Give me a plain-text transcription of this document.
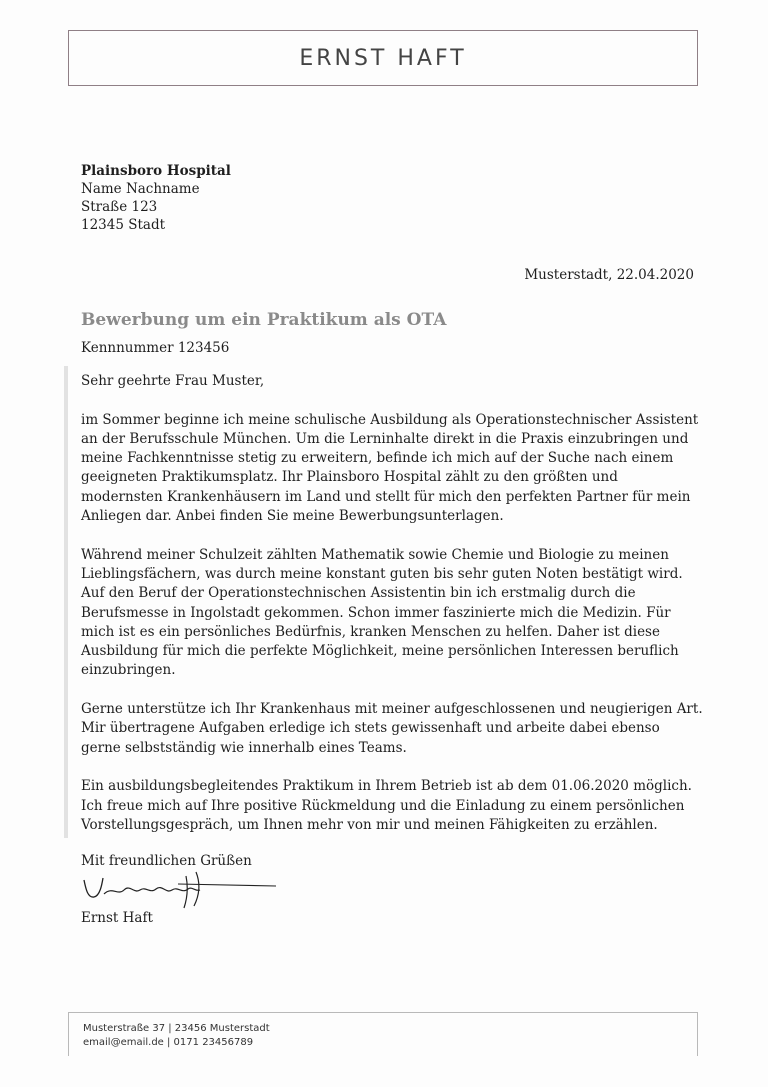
ERNST HAFT
Plainsboro Hospital
Name Nachname
Straße 123
12345 Stadt
Musterstadt, 22.04.2020
Bewerbung um ein Praktikum als OTA
Kennnummer 123456

Sehr geehrte Frau Muster,

im Sommer beginne ich meine schulische Ausbildung als Operationstechnischer Assistent an der Berufsschule München. Um die Lerninhalte direkt in die Praxis einzubringen und meine Fachkenntnisse stetig zu erweitern, befinde ich mich auf der Suche nach einem geeigneten Praktikumsplatz. Ihr Plainsboro Hospital zählt zu den größten und modernsten Krankenhäusern im Land und stellt für mich den perfekten Partner für mein Anliegen dar. Anbei finden Sie meine Bewerbungsunterlagen.

Während meiner Schulzeit zählten Mathematik sowie Chemie und Biologie zu meinen Lieblingsfächern, was durch meine konstant guten bis sehr guten Noten bestätigt wird. Auf den Beruf der Operationstechnischen Assistentin bin ich erstmalig durch die Berufsmesse in Ingolstadt gekommen. Schon immer faszinierte mich die Medizin. Für mich ist es ein persönliches Bedürfnis, kranken Menschen zu helfen. Daher ist diese Ausbildung für mich die perfekte Möglichkeit, meine persönlichen Interessen beruflich einzubringen.

Gerne unterstütze ich Ihr Krankenhaus mit meiner aufgeschlossenen und neugierigen Art. Mir übertragene Aufgaben erledige ich stets gewissenhaft und arbeite dabei ebenso gerne selbstständig wie innerhalb eines Teams.

Ein ausbildungsbegleitendes Praktikum in Ihrem Betrieb ist ab dem 01.06.2020 möglich. Ich freue mich auf Ihre positive Rückmeldung und die Einladung zu einem persönlichen Vorstellungsgespräch, um Ihnen mehr von mir und meinen Fähigkeiten zu erzählen.

Mit freundlichen Grüßen
Ernst Haft
Musterstraße 37 | 23456 Musterstadt
email@email.de | 0171 23456789
